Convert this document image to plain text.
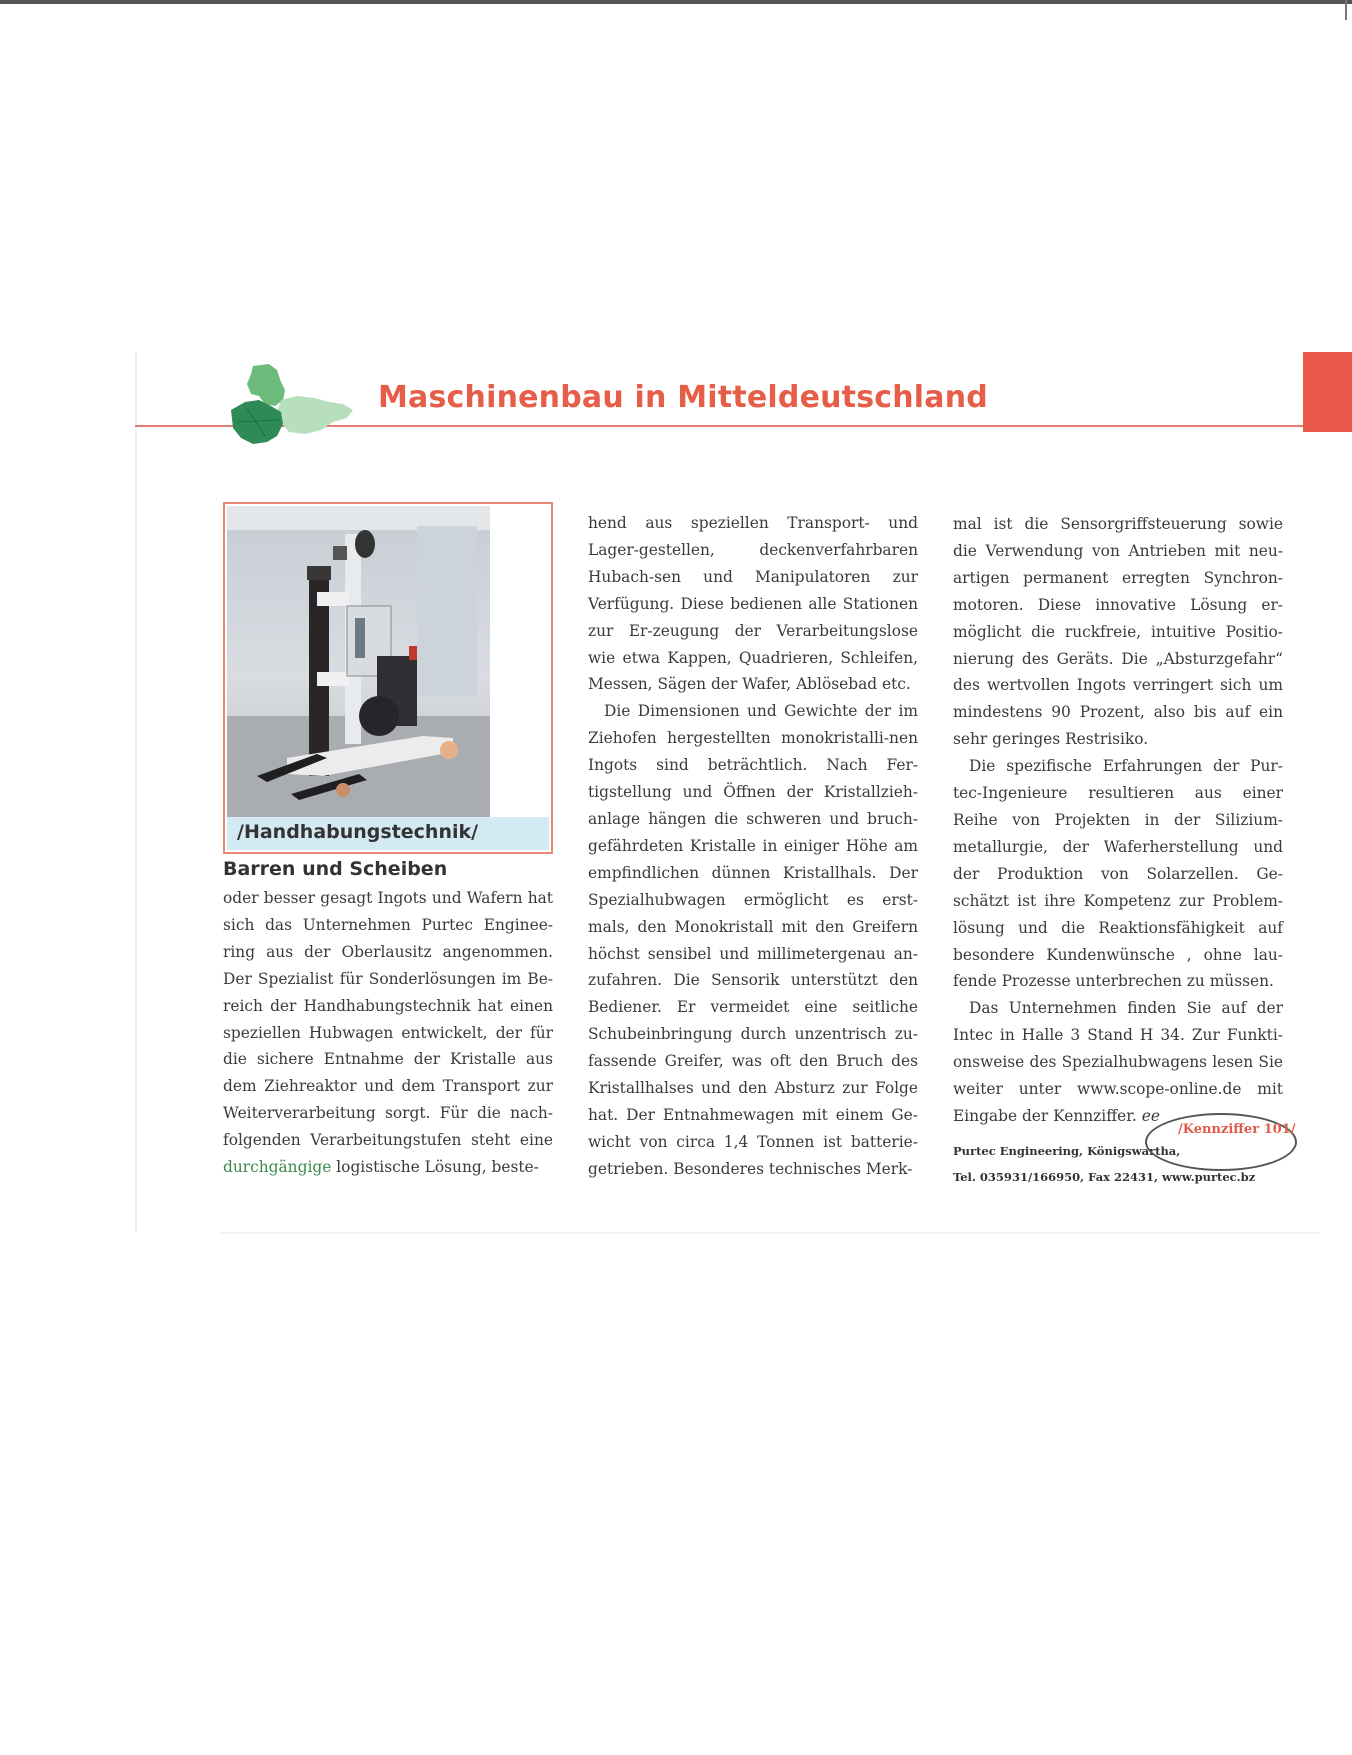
Maschinenbau in Mitteldeutschland
/Handhabungstechnik/
Barren und Scheiben

oder besser gesagt Ingots und Wafern hat sich das Unternehmen Purtec Enginee-ring aus der Oberlausitz angenommen. Der Spezialist für Sonderlösungen im Be-reich der Handhabungstechnik hat einen speziellen Hubwagen entwickelt, der für die sichere Entnahme der Kristalle aus dem Ziehreaktor und dem Transport zur Weiterverarbeitung sorgt. Für die nach-folgenden Verarbeitungstufen steht eine durchgängige logistische Lösung, beste-

hend aus speziellen Transport- und Lager-gestellen, deckenverfahrbaren Hubach-sen und Manipulatoren zur Verfügung. Diese bedienen alle Stationen zur Er-zeugung der Verarbeitungslose wie etwa Kappen, Quadrieren, Schleifen, Messen, Sägen der Wafer, Ablösebad etc.

Die Dimensionen und Gewichte der im Ziehofen hergestellten monokristalli-nen Ingots sind beträchtlich. Nach Fer-tigstellung und Öffnen der Kristallzieh-anlage hängen die schweren und bruch-gefährdeten Kristalle in einiger Höhe am empfindlichen dünnen Kristallhals. Der Spezialhubwagen ermöglicht es erst-mals, den Monokristall mit den Greifern höchst sensibel und millimetergenau an-zufahren. Die Sensorik unterstützt den Bediener. Er vermeidet eine seitliche Schubeinbringung durch unzentrisch zu-fassende Greifer, was oft den Bruch des Kristallhalses und den Absturz zur Folge hat. Der Entnahmewagen mit einem Ge-wicht von circa 1,4 Tonnen ist batterie-getrieben. Besonderes technisches Merk-

mal ist die Sensorgriffsteuerung sowie die Verwendung von Antrieben mit neu-artigen permanent erregten Synchron-motoren. Diese innovative Lösung er-möglicht die ruckfreie, intuitive Positio-nierung des Geräts. Die „Absturzgefahr“ des wertvollen Ingots verringert sich um mindestens 90 Prozent, also bis auf ein sehr geringes Restrisiko.

Die spezifische Erfahrungen der Pur-tec-Ingenieure resultieren aus einer Reihe von Projekten in der Silizium-metallurgie, der Waferherstellung und der Produktion von Solarzellen. Ge-schätzt ist ihre Kompetenz zur Problem-lösung und die Reaktionsfähigkeit auf besondere Kundenwünsche , ohne lau-fende Prozesse unterbrechen zu müssen.

Das Unternehmen finden Sie auf der Intec in Halle 3 Stand H 34. Zur Funkti-onsweise des Spezialhubwagens lesen Sie weiter unter www.scope-online.de mit Eingabe der Kennziffer. ee

Purtec Engineering, Königswartha,
Tel. 035931/166950, Fax 22431, www.purtec.bz
/Kennziffer 101/
